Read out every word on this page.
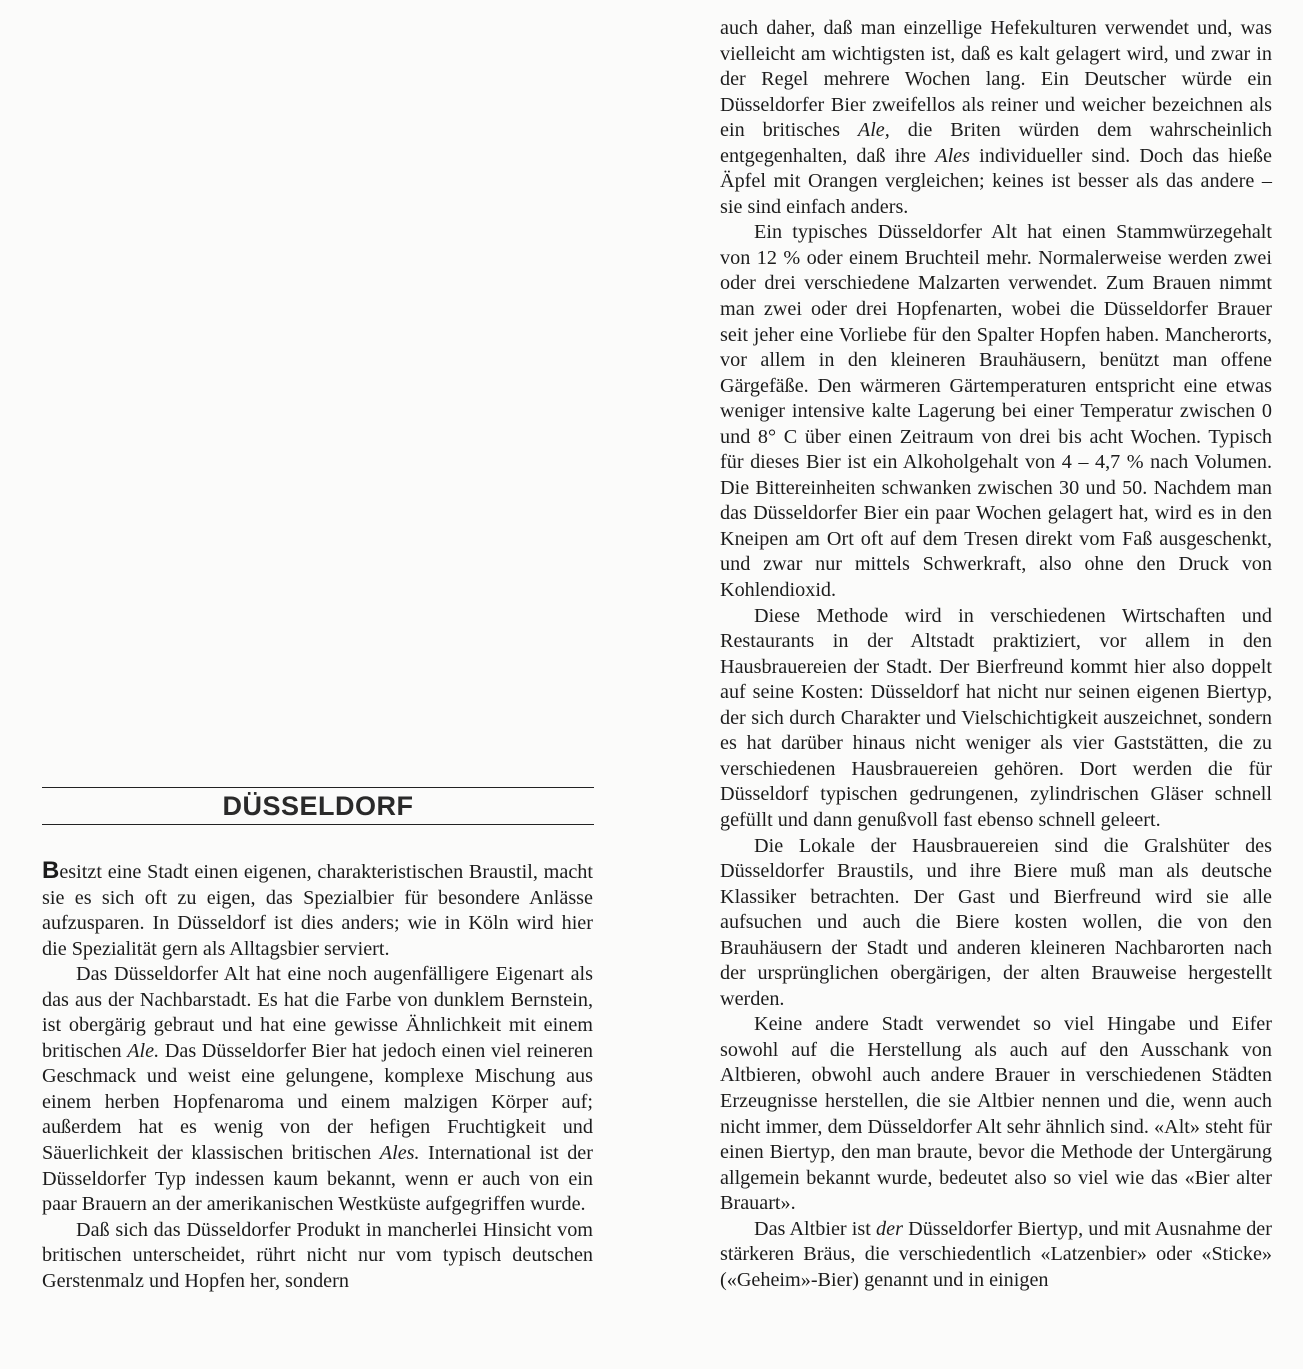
DÜSSELDORF

Besitzt eine Stadt einen eigenen, charakteristischen Braustil, macht sie es sich oft zu eigen, das Spezialbier für besondere Anlässe aufzusparen. In Düsseldorf ist dies anders; wie in Köln wird hier die Spezialität gern als Alltagsbier serviert.

Das Düsseldorfer Alt hat eine noch augenfälligere Eigenart als das aus der Nachbarstadt. Es hat die Farbe von dunklem Bernstein, ist obergärig gebraut und hat eine gewisse Ähnlichkeit mit einem britischen Ale. Das Düsseldorfer Bier hat jedoch einen viel reineren Geschmack und weist eine gelungene, komplexe Mischung aus einem herben Hopfenaroma und einem malzigen Körper auf; außerdem hat es wenig von der hefigen Fruchtigkeit und Säuerlichkeit der klassischen britischen Ales. International ist der Düsseldorfer Typ indessen kaum bekannt, wenn er auch von ein paar Brauern an der amerikanischen Westküste aufgegriffen wurde.

Daß sich das Düsseldorfer Produkt in mancherlei Hinsicht vom britischen unterscheidet, rührt nicht nur vom typisch deutschen Gerstenmalz und Hopfen her, sondern

auch daher, daß man einzellige Hefekulturen verwendet und, was vielleicht am wichtigsten ist, daß es kalt gelagert wird, und zwar in der Regel mehrere Wochen lang. Ein Deutscher würde ein Düsseldorfer Bier zweifellos als reiner und weicher bezeichnen als ein britisches Ale, die Briten würden dem wahrscheinlich entgegenhalten, daß ihre Ales individueller sind. Doch das hieße Äpfel mit Orangen vergleichen; keines ist besser als das andere – sie sind einfach anders.

Ein typisches Düsseldorfer Alt hat einen Stammwürzegehalt von 12 % oder einem Bruchteil mehr. Normalerweise werden zwei oder drei verschiedene Malzarten verwendet. Zum Brauen nimmt man zwei oder drei Hopfenarten, wobei die Düsseldorfer Brauer seit jeher eine Vorliebe für den Spalter Hopfen haben. Mancherorts, vor allem in den kleineren Brauhäusern, benützt man offene Gärgefäße. Den wärmeren Gärtemperaturen entspricht eine etwas weniger intensive kalte Lagerung bei einer Temperatur zwischen 0 und 8° C über einen Zeitraum von drei bis acht Wochen. Typisch für dieses Bier ist ein Alkoholgehalt von 4 – 4,7 % nach Volumen. Die Bittereinheiten schwanken zwischen 30 und 50. Nachdem man das Düsseldorfer Bier ein paar Wochen gelagert hat, wird es in den Kneipen am Ort oft auf dem Tresen direkt vom Faß ausgeschenkt, und zwar nur mittels Schwerkraft, also ohne den Druck von Kohlendioxid.

Diese Methode wird in verschiedenen Wirtschaften und Restaurants in der Altstadt praktiziert, vor allem in den Hausbrauereien der Stadt. Der Bierfreund kommt hier also doppelt auf seine Kosten: Düsseldorf hat nicht nur seinen eigenen Biertyp, der sich durch Charakter und Vielschichtigkeit auszeichnet, sondern es hat darüber hinaus nicht weniger als vier Gaststätten, die zu verschiedenen Hausbrauereien gehören. Dort werden die für Düsseldorf typischen gedrungenen, zylindrischen Gläser schnell gefüllt und dann genußvoll fast ebenso schnell geleert.

Die Lokale der Hausbrauereien sind die Gralshüter des Düsseldorfer Braustils, und ihre Biere muß man als deutsche Klassiker betrachten. Der Gast und Bierfreund wird sie alle aufsuchen und auch die Biere kosten wollen, die von den Brauhäusern der Stadt und anderen kleineren Nachbarorten nach der ursprünglichen obergärigen, der alten Brauweise hergestellt werden.

Keine andere Stadt verwendet so viel Hingabe und Eifer sowohl auf die Herstellung als auch auf den Ausschank von Altbieren, obwohl auch andere Brauer in verschiedenen Städten Erzeugnisse herstellen, die sie Altbier nennen und die, wenn auch nicht immer, dem Düsseldorfer Alt sehr ähnlich sind. «Alt» steht für einen Biertyp, den man braute, bevor die Methode der Untergärung allgemein bekannt wurde, bedeutet also so viel wie das «Bier alter Brauart».

Das Altbier ist der Düsseldorfer Biertyp, und mit Ausnahme der stärkeren Bräus, die verschiedentlich «Latzenbier» oder «Sticke» («Geheim»-Bier) genannt und in einigen
